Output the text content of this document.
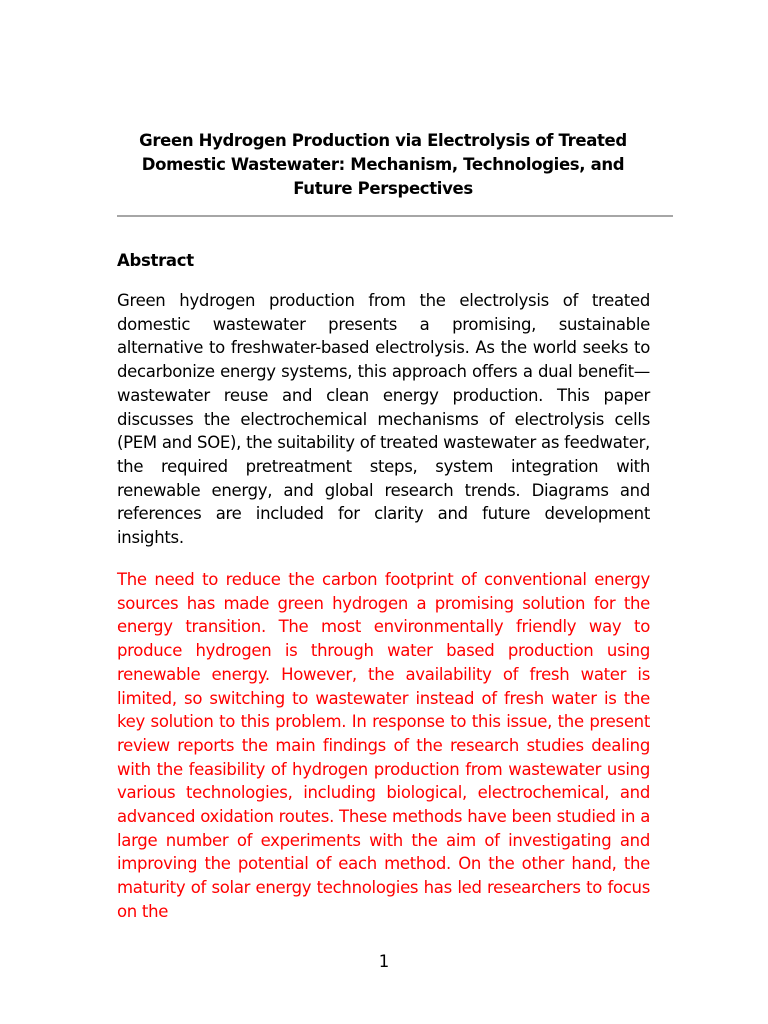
Green Hydrogen Production via Electrolysis of Treated Domestic Wastewater: Mechanism, Technologies, and Future Perspectives
Abstract

Green hydrogen production from the electrolysis of treated domestic wastewater presents a promising, sustainable alternative to freshwater-based electrolysis. As the world seeks to decarbonize energy systems, this approach offers a dual benefit—wastewater reuse and clean energy production. This paper discusses the electrochemical mechanisms of electrolysis cells (PEM and SOE), the suitability of treated wastewater as feedwater, the required pretreatment steps, system integration with renewable energy, and global research trends. Diagrams and references are included for clarity and future development insights.

The need to reduce the carbon footprint of conventional energy sources has made green hydrogen a promising solution for the energy transition. The most environmentally friendly way to produce hydrogen is through water based production using renewable energy. However, the availability of fresh water is limited, so switching to wastewater instead of fresh water is the key solution to this problem. In response to this issue, the present review reports the main findings of the research studies dealing with the feasibility of hydrogen production from wastewater using various technologies, including biological, electrochemical, and advanced oxidation routes. These methods have been studied in a large number of experiments with the aim of investigating and improving the potential of each method. On the other hand, the maturity of solar energy technologies has led researchers to focus on the

1
